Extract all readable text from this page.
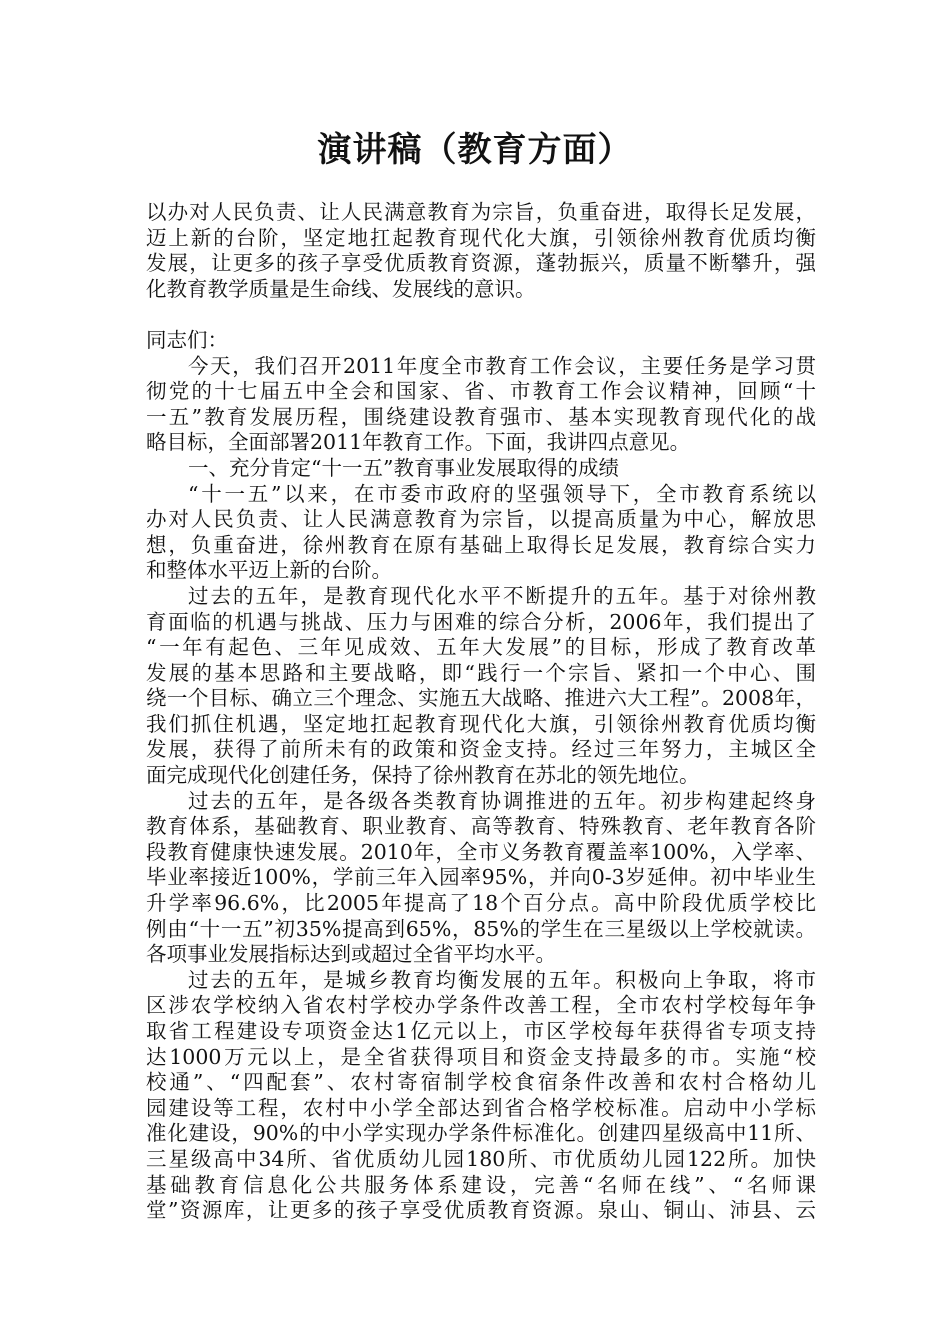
演讲稿（教育方面）
以办对人民负责、让人民满意教育为宗旨，负重奋进，取得长足发展，
迈上新的台阶，坚定地扛起教育现代化大旗，引领徐州教育优质均衡
发展，让更多的孩子享受优质教育资源，蓬勃振兴，质量不断攀升，强
化教育教学质量是生命线、发展线的意识。
同志们：
今天，我们召开2011年度全市教育工作会议，主要任务是学习贯
彻党的十七届五中全会和国家、省、市教育工作会议精神，回顾“十
一五”教育发展历程，围绕建设教育强市、基本实现教育现代化的战
略目标，全面部署2011年教育工作。下面，我讲四点意见。
一、充分肯定“十一五”教育事业发展取得的成绩
“十一五”以来，在市委市政府的坚强领导下，全市教育系统以
办对人民负责、让人民满意教育为宗旨，以提高质量为中心，解放思
想，负重奋进，徐州教育在原有基础上取得长足发展，教育综合实力
和整体水平迈上新的台阶。
过去的五年，是教育现代化水平不断提升的五年。基于对徐州教
育面临的机遇与挑战、压力与困难的综合分析，2006年，我们提出了
“一年有起色、三年见成效、五年大发展”的目标，形成了教育改革
发展的基本思路和主要战略，即“践行一个宗旨、紧扣一个中心、围
绕一个目标、确立三个理念、实施五大战略、推进六大工程”。2008年，
我们抓住机遇，坚定地扛起教育现代化大旗，引领徐州教育优质均衡
发展，获得了前所未有的政策和资金支持。经过三年努力，主城区全
面完成现代化创建任务，保持了徐州教育在苏北的领先地位。
过去的五年，是各级各类教育协调推进的五年。初步构建起终身
教育体系，基础教育、职业教育、高等教育、特殊教育、老年教育各阶
段教育健康快速发展。2010年，全市义务教育覆盖率100%，入学率、
毕业率接近100%，学前三年入园率95%，并向0-3岁延伸。初中毕业生
升学率96.6%，比2005年提高了18个百分点。高中阶段优质学校比
例由“十一五”初35%提高到65%，85%的学生在三星级以上学校就读。
各项事业发展指标达到或超过全省平均水平。
过去的五年，是城乡教育均衡发展的五年。积极向上争取，将市
区涉农学校纳入省农村学校办学条件改善工程，全市农村学校每年争
取省工程建设专项资金达1亿元以上，市区学校每年获得省专项支持
达1000万元以上，是全省获得项目和资金支持最多的市。实施“校
校通”、“四配套”、农村寄宿制学校食宿条件改善和农村合格幼儿
园建设等工程，农村中小学全部达到省合格学校标准。启动中小学标
准化建设，90%的中小学实现办学条件标准化。创建四星级高中11所、
三星级高中34所、省优质幼儿园180所、市优质幼儿园122所。加快
基础教育信息化公共服务体系建设，完善“名师在线”、“名师课
堂”资源库，让更多的孩子享受优质教育资源。泉山、铜山、沛县、云
